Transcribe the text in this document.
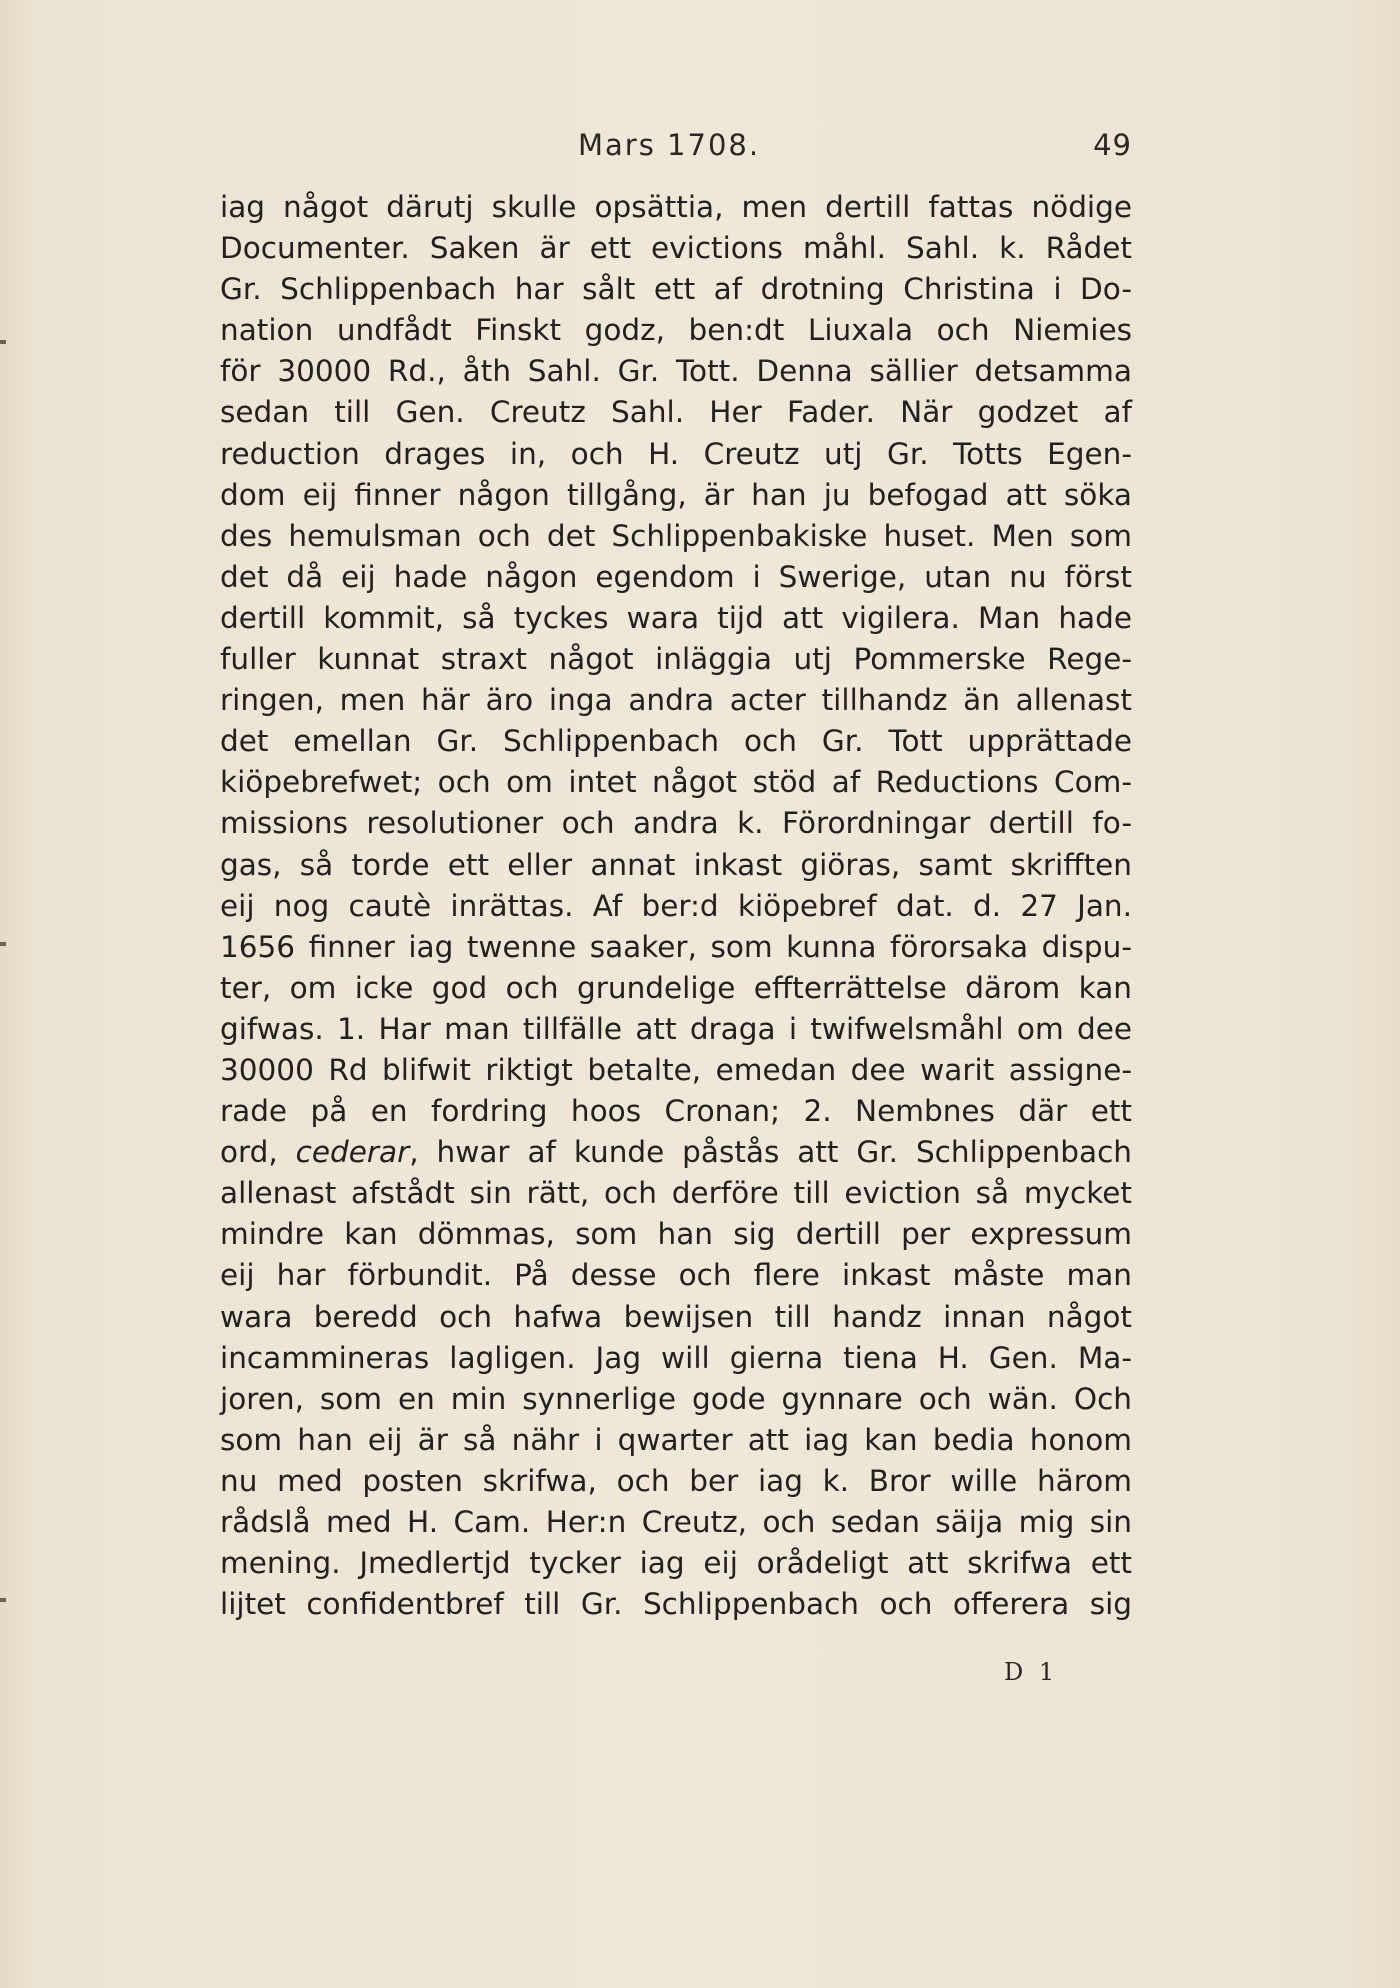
Mars 1708.	49
iag något därutj skulle opsättia, men dertill fattas nödige
Documenter. Saken är ett evictions måhl. Sahl. k. Rådet
Gr. Schlippenbach har sålt ett af drotning Christina i Do-
nation undfådt Finskt godz, ben:dt Liuxala och Niemies
för 30000 Rd., åth Sahl. Gr. Tott. Denna sällier detsamma
sedan till Gen. Creutz Sahl. Her Fader. När godzet af
reduction drages in, och H. Creutz utj Gr. Totts Egen-
dom eij finner någon tillgång, är han ju befogad att söka
des hemulsman och det Schlippenbakiske huset. Men som
det då eij hade någon egendom i Swerige, utan nu först
dertill kommit, så tyckes wara tijd att vigilera. Man hade
fuller kunnat straxt något inläggia utj Pommerske Rege-
ringen, men här äro inga andra acter tillhandz än allenast
det emellan Gr. Schlippenbach och Gr. Tott upprättade
kiöpebrefwet; och om intet något stöd af Reductions Com-
missions resolutioner och andra k. Förordningar dertill fo-
gas, så torde ett eller annat inkast giöras, samt skrifften
eij nog cautè inrättas. Af ber:d kiöpebref dat. d. 27 Jan.
1656 finner iag twenne saaker, som kunna förorsaka dispu-
ter, om icke god och grundelige effterrättelse därom kan
gifwas. 1. Har man tillfälle att draga i twifwelsmåhl om dee
30000 Rd blifwit riktigt betalte, emedan dee warit assigne-
rade på en fordring hoos Cronan; 2. Nembnes där ett
ord, cederar, hwar af kunde påstås att Gr. Schlippenbach
allenast afstådt sin rätt, och derföre till eviction så mycket
mindre kan dömmas, som han sig dertill per expressum
eij har förbundit. På desse och flere inkast måste man
wara beredd och hafwa bewijsen till handz innan något
incammineras lagligen. Jag will gierna tiena H. Gen. Ma-
joren, som en min synnerlige gode gynnare och wän. Och
som han eij är så nähr i qwarter att iag kan bedia honom
nu med posten skrifwa, och ber iag k. Bror wille härom
rådslå med H. Cam. Her:n Creutz, och sedan säija mig sin
mening. Jmedlertjd tycker iag eij orådeligt att skrifwa ett
lijtet confidentbref till Gr. Schlippenbach och offerera sig
D 1
